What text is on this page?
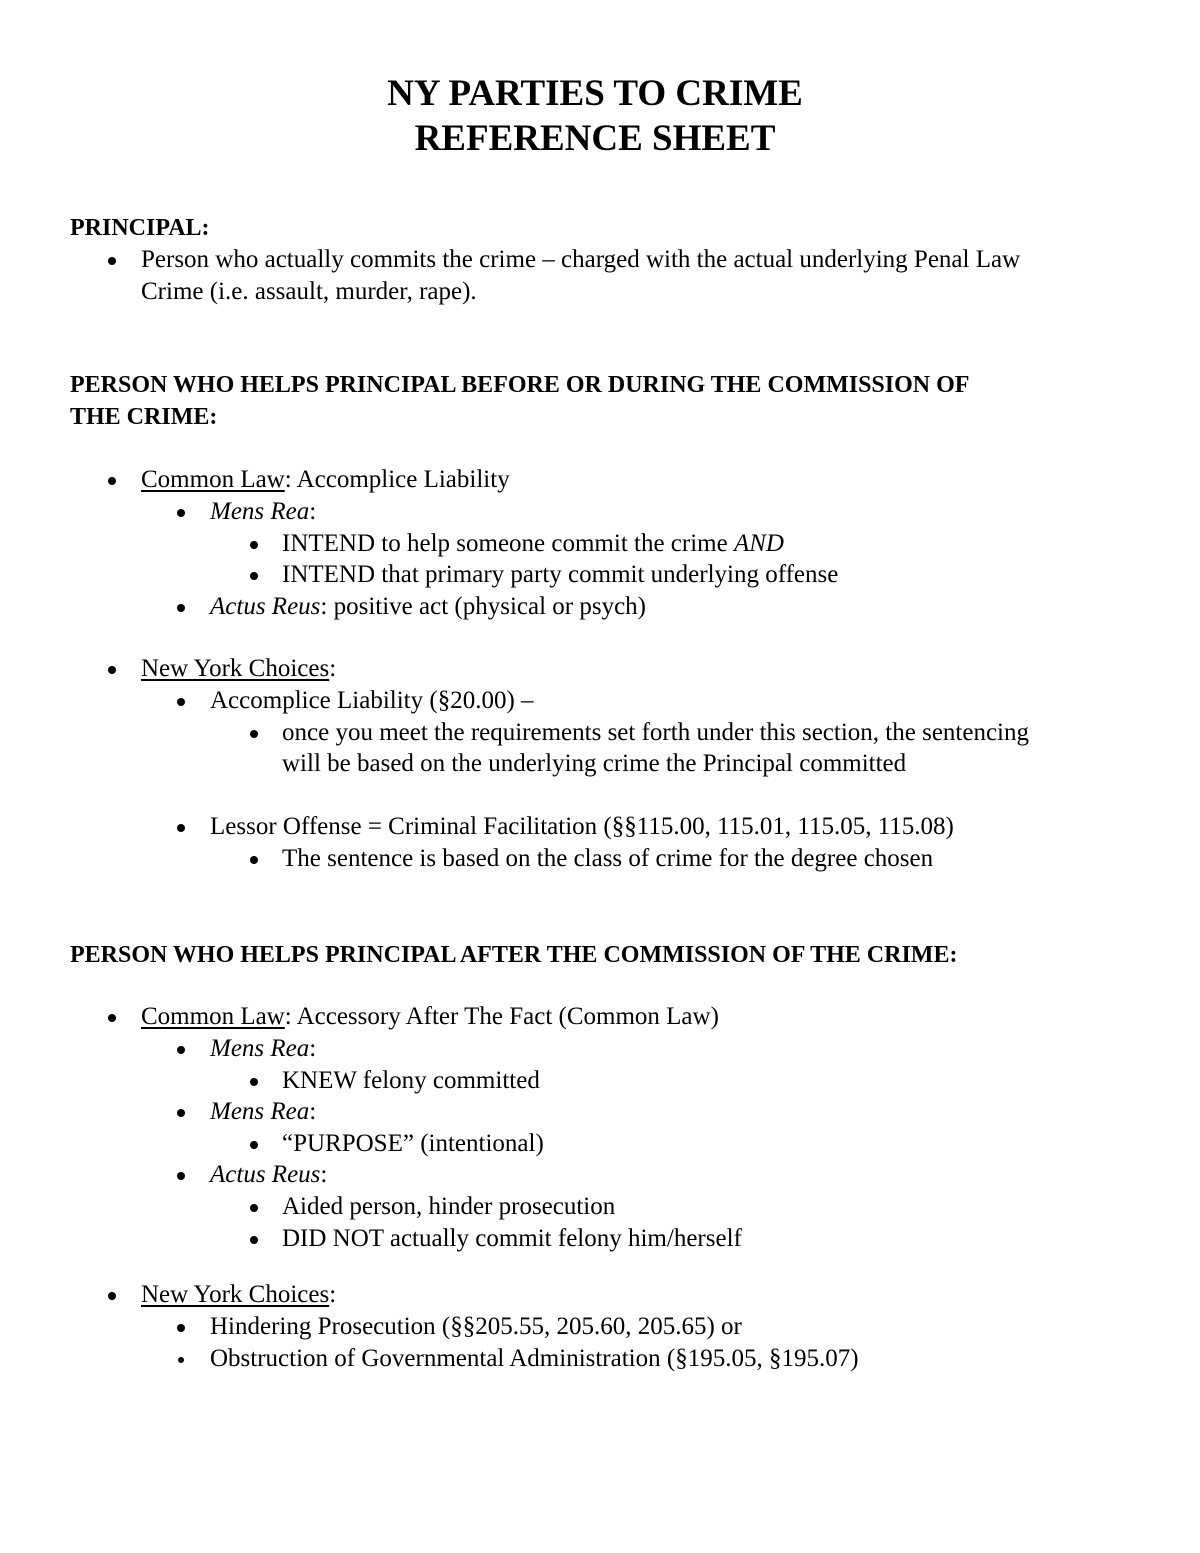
NY PARTIES TO CRIME
REFERENCE SHEET
PRINCIPAL:
Person who actually commits the crime – charged with the actual underlying Penal Law
Crime (i.e. assault, murder, rape).
PERSON WHO HELPS PRINCIPAL BEFORE OR DURING THE COMMISSION OF
THE CRIME:
Common Law: Accomplice Liability
Mens Rea:
INTEND to help someone commit the crime AND
INTEND that primary party commit underlying offense
Actus Reus: positive act (physical or psych)
New York Choices:
Accomplice Liability (§20.00) –
once you meet the requirements set forth under this section, the sentencing
will be based on the underlying crime the Principal committed
Lessor Offense = Criminal Facilitation (§§115.00, 115.01, 115.05, 115.08)
The sentence is based on the class of crime for the degree chosen
PERSON WHO HELPS PRINCIPAL AFTER THE COMMISSION OF THE CRIME:
Common Law: Accessory After The Fact (Common Law)
Mens Rea:
KNEW felony committed
Mens Rea:
“PURPOSE” (intentional)
Actus Reus:
Aided person, hinder prosecution
DID NOT actually commit felony him/herself
New York Choices:
Hindering Prosecution (§§205.55, 205.60, 205.65) or
Obstruction of Governmental Administration (§195.05, §195.07)
